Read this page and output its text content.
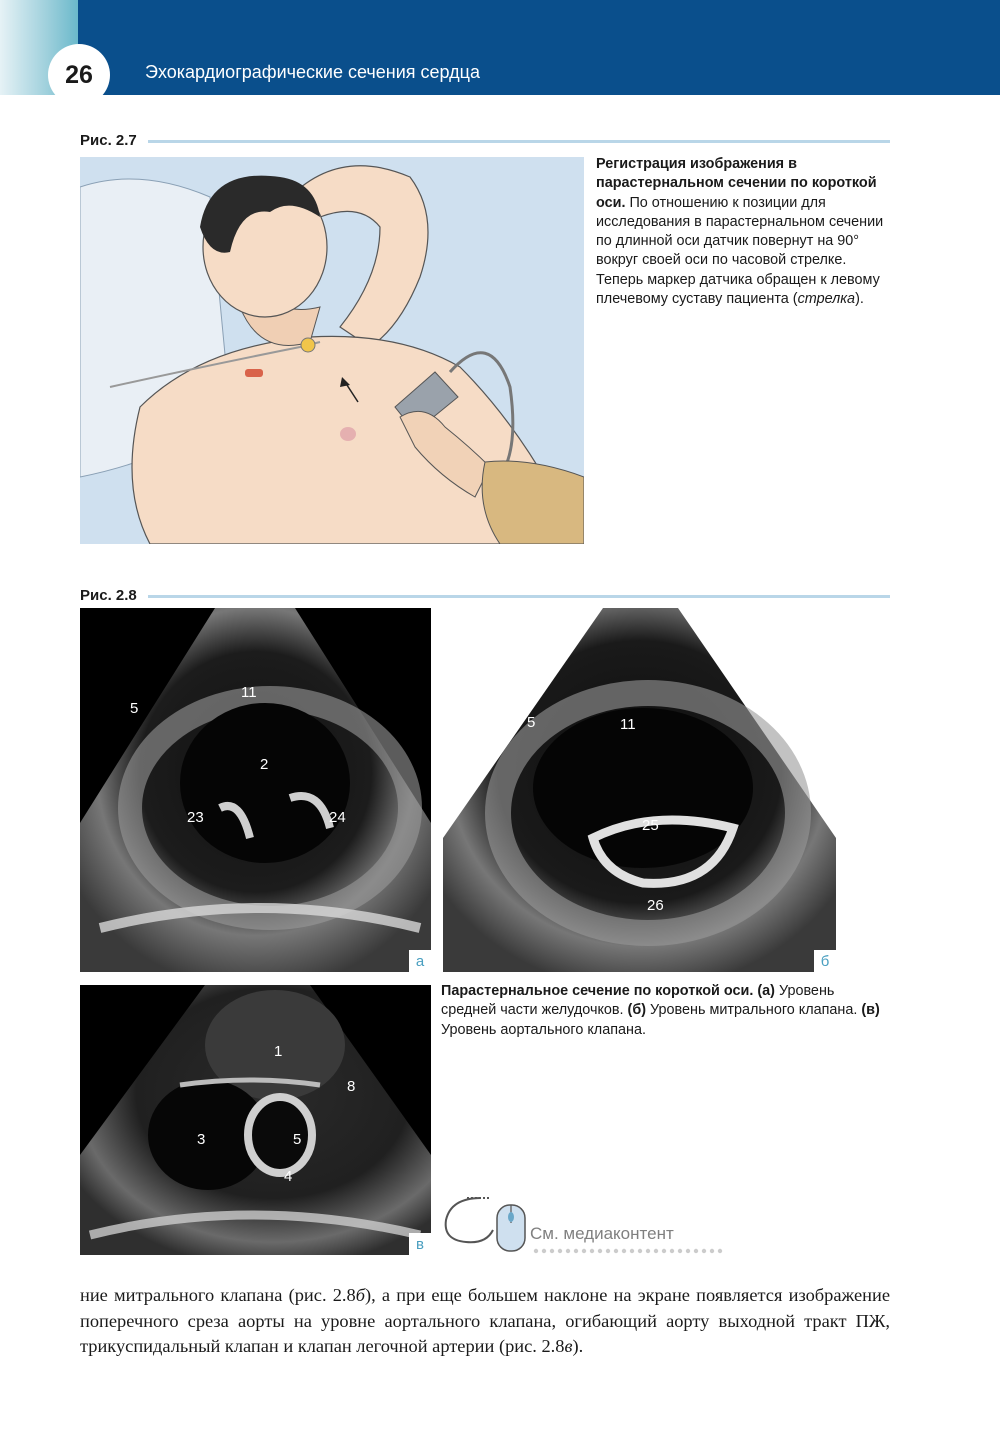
26	Эхокардиографические сечения сердца
Рис. 2.7
Регистрация изображения в парастернальном сечении по короткой оси. По отношению к позиции для исследования в парастернальном сечении по длинной оси датчик повернут на 90° вокруг своей оси по часовой стрелке. Теперь маркер датчика обращен к левому плечевому суставу пациента (стрелка).
Рис. 2.8
5
11
2
23	24
а
5	11
25
26
б
1
8
3	5
4
в
Парастернальное сечение по короткой оси. (а) Уровень средней части желудочков. (б) Уровень митрального клапана. (в) Уровень аортального клапана.
См. медиаконтент
ние митрального клапана (рис. 2.8б), а при еще большем наклоне на экране появляется изображение поперечного среза аорты на уровне аортального клапана, огибающий аорту выходной тракт ПЖ, трикуспидальный клапан и клапан легочной артерии (рис. 2.8в).
